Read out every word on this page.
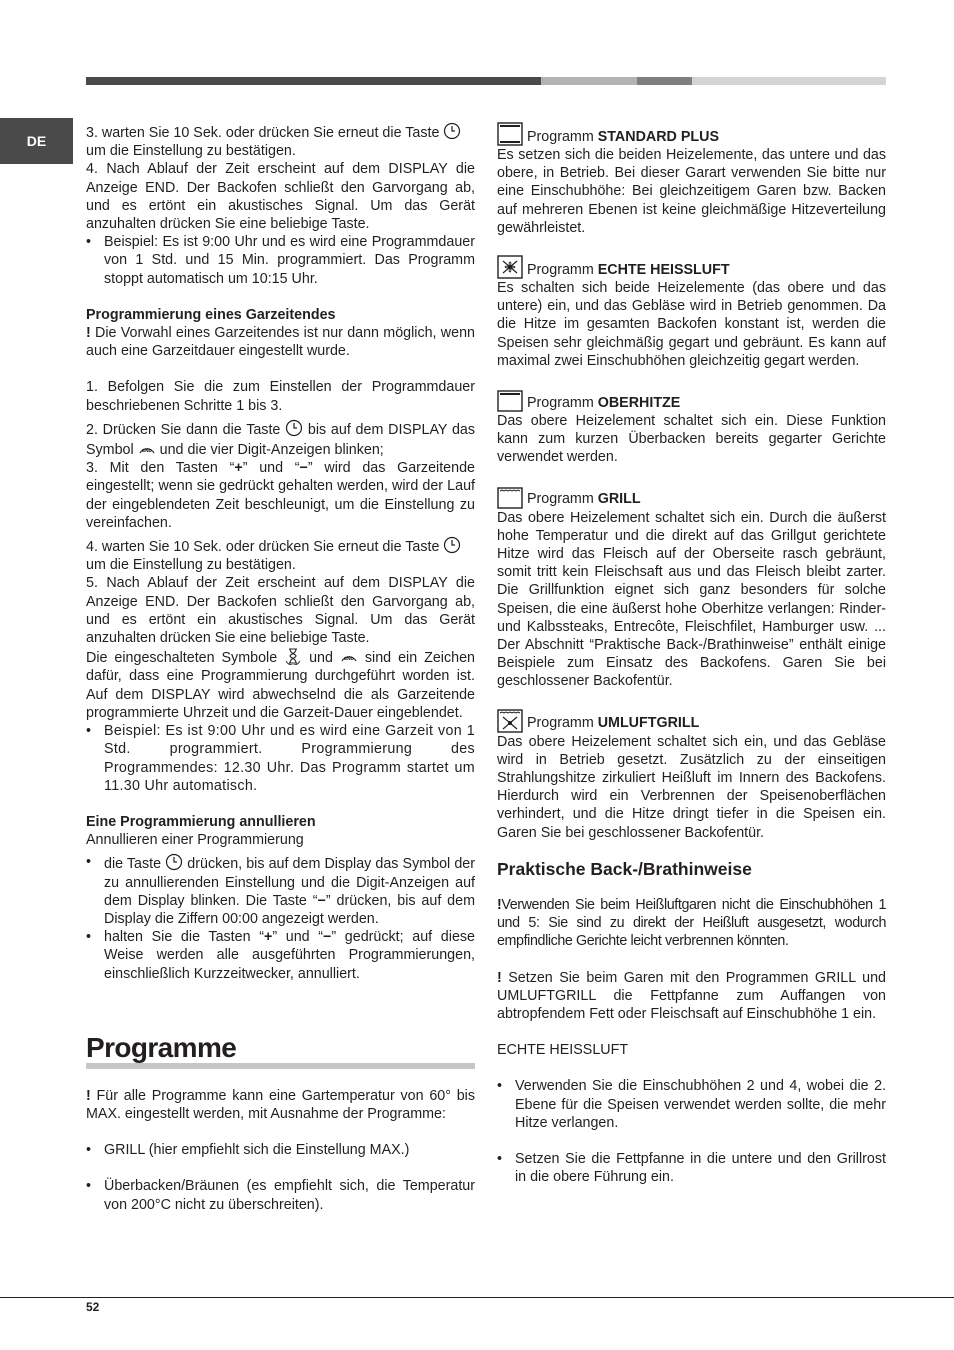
DE	3. warten Sie 10 Sek. oder drücken Sie erneut die Taste

um die Einstellung zu bestätigen.

4. Nach Ablauf der Zeit erscheint auf dem DISPLAY die Anzeige END. Der Backofen schließt den Garvorgang ab, und es ertönt ein akustisches Signal. Um das Gerät anzuhalten drücken Sie eine beliebige Taste.

• Beispiel: Es ist 9:00 Uhr und es wird eine Programmdauer von 1 Std. und 15 Min. programmiert. Das Programm stoppt automatisch um 10:15 Uhr.

Programmierung eines Garzeitendes

! Die Vorwahl eines Garzeitendes ist nur dann möglich, wenn auch eine Garzeitdauer eingestellt wurde.

1. Befolgen Sie die zum Einstellen der Programmdauer beschriebenen Schritte 1 bis 3.

2. Drücken Sie dann die Taste bis auf dem DISPLAY das Symbol END und die vier Digit-Anzeigen blinken;

3. Mit den Tasten “+” und “−” wird das Garzeitende eingestellt; wenn sie gedrückt gehalten werden, wird der Lauf der eingeblendeten Zeit beschleunigt, um die Einstellung zu vereinfachen.

4. warten Sie 10 Sek. oder drücken Sie erneut die Taste

um die Einstellung zu bestätigen.

5. Nach Ablauf der Zeit erscheint auf dem DISPLAY die Anzeige END. Der Backofen schließt den Garvorgang ab, und es ertönt ein akustisches Signal. Um das Gerät anzuhalten drücken Sie eine beliebige Taste.

Die eingeschalteten Symbole und END sind ein Zeichen dafür, dass eine Programmierung durchgeführt worden ist. Auf dem DISPLAY wird abwechselnd die als Garzeitende programmierte Uhrzeit und die Garzeit-Dauer eingeblendet.

• Beispiel: Es ist 9:00 Uhr und es wird eine Garzeit von 1 Std. programmiert. Programmierung des Programmendes: 12.30 Uhr. Das Programm startet um 11.30 Uhr automatisch.

Eine Programmierung annullieren

Annullieren einer Programmierung

• die Taste drücken, bis auf dem Display das Symbol der zu annullierenden Einstellung und die Digit-Anzeigen auf dem Display blinken. Die Taste “−” drücken, bis auf dem Display die Ziffern 00:00 angezeigt werden.

• halten Sie die Tasten “+” und “−” gedrückt; auf diese Weise werden alle ausgeführten Programmierungen, einschließlich Kurzzeitwecker, annulliert.

Programme

! Für alle Programme kann eine Gartemperatur von 60° bis MAX. eingestellt werden, mit Ausnahme der Programme:

• GRILL (hier empfiehlt sich die Einstellung MAX.)

• Überbacken/Bräunen (es empfiehlt sich, die Temperatur von 200°C nicht zu überschreiten).

Programm STANDARD PLUS

Es setzen sich die beiden Heizelemente, das untere und das obere, in Betrieb. Bei dieser Garart verwenden Sie bitte nur eine Einschubhöhe: Bei gleichzeitigem Garen bzw. Backen auf mehreren Ebenen ist keine gleichmäßige Hitzeverteilung gewährleistet.

Programm ECHTE HEISSLUFT

Es schalten sich beide Heizelemente (das obere und das untere) ein, und das Gebläse wird in Betrieb genommen. Da die Hitze im gesamten Backofen konstant ist, werden die Speisen sehr gleichmäßig gegart und gebräunt. Es kann auf maximal zwei Einschubhöhen gleichzeitig gegart werden.

Programm OBERHITZE

Das obere Heizelement schaltet sich ein. Diese Funktion kann zum kurzen Überbacken bereits gegarter Gerichte verwendet werden.

Programm GRILL

Das obere Heizelement schaltet sich ein. Durch die äußerst hohe Temperatur und die direkt auf das Grillgut gerichtete Hitze wird das Fleisch auf der Oberseite rasch gebräunt, somit tritt kein Fleischsaft aus und das Fleisch bleibt zarter. Die Grillfunktion eignet sich ganz besonders für solche Speisen, die eine äußerst hohe Oberhitze verlangen: Rinder- und Kalbssteaks, Entrecôte, Fleischfilet, Hamburger usw. ... Der Abschnitt “Praktische Back-/Brathinweise” enthält einige Beispiele zum Einsatz des Backofens. Garen Sie bei geschlossener Backofentür.

Programm UMLUFTGRILL

Das obere Heizelement schaltet sich ein, und das Gebläse wird in Betrieb gesetzt. Zusätzlich zu der einseitigen Strahlungshitze zirkuliert Heißluft im Innern des Backofens. Hierdurch wird ein Verbrennen der Speisenoberflächen verhindert, und die Hitze dringt tiefer in die Speisen ein. Garen Sie bei geschlossener Backofentür.

Praktische Back-/Brathinweise

!Verwenden Sie beim Heißluftgaren nicht die Einschubhöhen 1 und 5: Sie sind zu direkt der Heißluft ausgesetzt, wodurch empfindliche Gerichte leicht verbrennen könnten.

! Setzen Sie beim Garen mit den Programmen GRILL und UMLUFTGRILL die Fettpfanne zum Auffangen von abtropfendem Fett oder Fleischsaft auf Einschubhöhe 1 ein.

ECHTE HEISSLUFT

• Verwenden Sie die Einschubhöhen 2 und 4, wobei die 2. Ebene für die Speisen verwendet werden sollte, die mehr Hitze verlangen.

• Setzen Sie die Fettpfanne in die untere und den Grillrost in die obere Führung ein.

52
